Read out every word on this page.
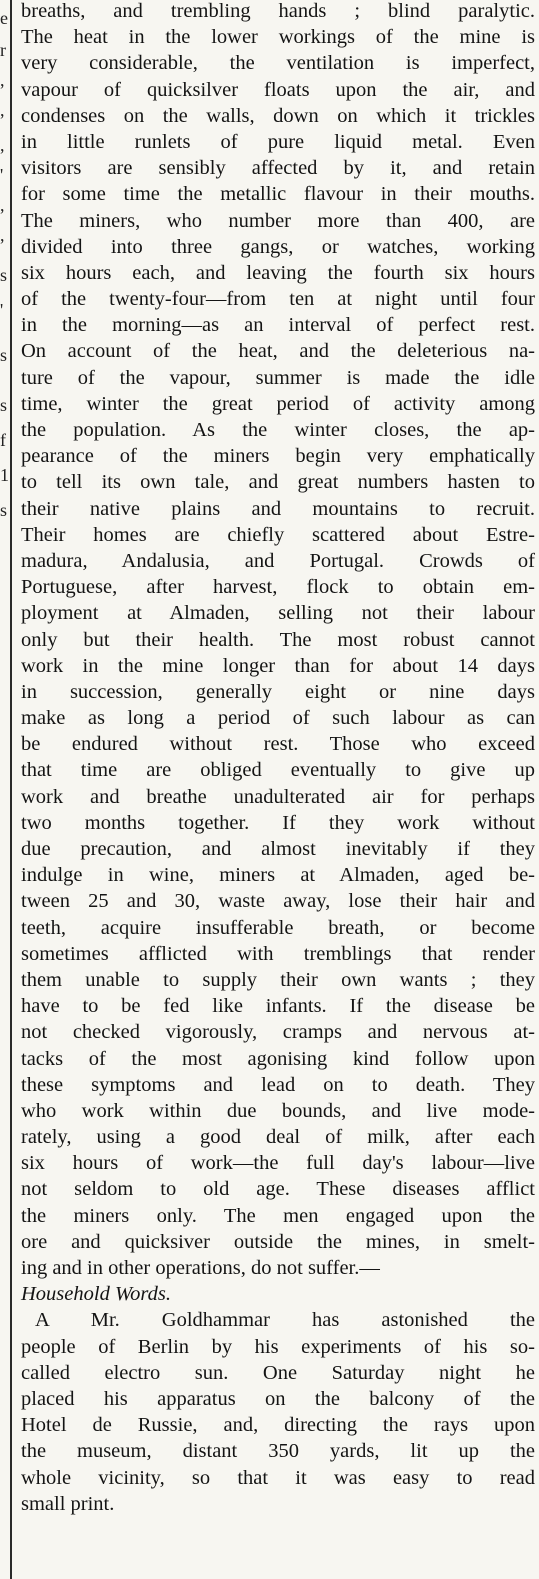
e
r
,
,
,
'
,
,
s
'
s
s
f
1
s
breaths, and trembling hands ; blind paralytic.
The heat in the lower workings of the mine is
very considerable, the ventilation is imperfect,
vapour of quicksilver floats upon the air, and
condenses on the walls, down on which it trickles
in little runlets of pure liquid metal. Even
visitors are sensibly affected by it, and retain
for some time the metallic flavour in their mouths.
The miners, who number more than 400, are
divided into three gangs, or watches, working
six hours each, and leaving the fourth six hours
of the twenty-four—from ten at night until four
in the morning—as an interval of perfect rest.
On account of the heat, and the deleterious na-
ture of the vapour, summer is made the idle
time, winter the great period of activity among
the population. As the winter closes, the ap-
pearance of the miners begin very emphatically
to tell its own tale, and great numbers hasten to
their native plains and mountains to recruit.
Their homes are chiefly scattered about Estre-
madura, Andalusia, and Portugal. Crowds of
Portuguese, after harvest, flock to obtain em-
ployment at Almaden, selling not their labour
only but their health. The most robust cannot
work in the mine longer than for about 14 days
in succession, generally eight or nine days
make as long a period of such labour as can
be endured without rest. Those who exceed
that time are obliged eventually to give up
work and breathe unadulterated air for perhaps
two months together. If they work without
due precaution, and almost inevitably if they
indulge in wine, miners at Almaden, aged be-
tween 25 and 30, waste away, lose their hair and
teeth, acquire insufferable breath, or become
sometimes afflicted with tremblings that render
them unable to supply their own wants ; they
have to be fed like infants. If the disease be
not checked vigorously, cramps and nervous at-
tacks of the most agonising kind follow upon
these symptoms and lead on to death. They
who work within due bounds, and live mode-
rately, using a good deal of milk, after each
six hours of work—the full day's labour—live
not seldom to old age. These diseases afflict
the miners only. The men engaged upon the
ore and quicksiver outside the mines, in smelt-
ing and in other operations, do not suffer.—
Household Words.
A Mr. Goldhammar has astonished the
people of Berlin by his experiments of his so-
called electro sun. One Saturday night he
placed his apparatus on the balcony of the
Hotel de Russie, and, directing the rays upon
the museum, distant 350 yards, lit up the
whole vicinity, so that it was easy to read
small print.
